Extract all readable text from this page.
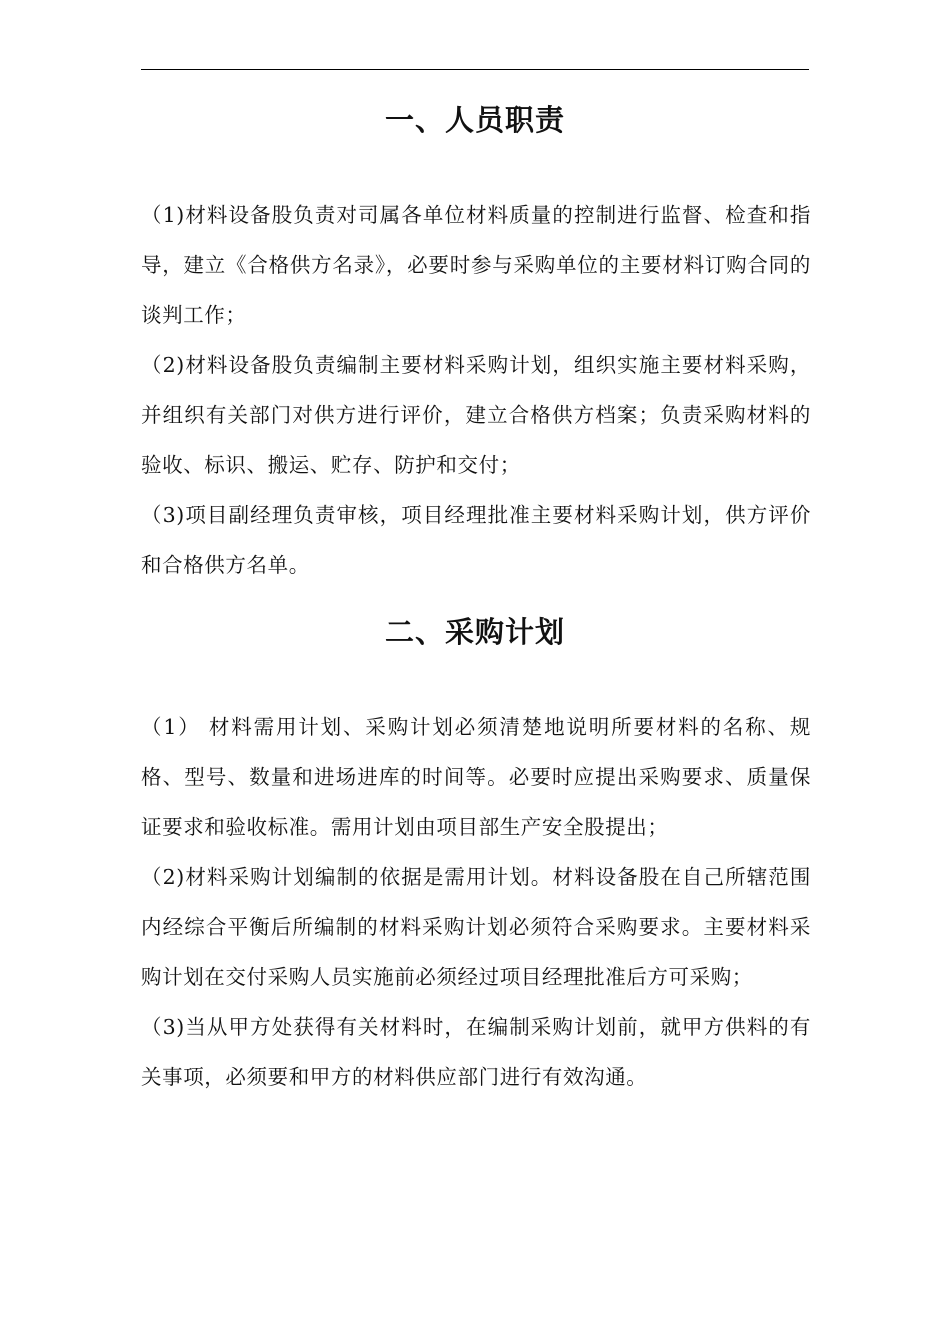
一、人员职责

（1)材料设备股负责对司属各单位材料质量的控制进行监督、检查和指导，建立《合格供方名录》，必要时参与采购单位的主要材料订购合同的谈判工作；

（2)材料设备股负责编制主要材料采购计划，组织实施主要材料采购，并组织有关部门对供方进行评价，建立合格供方档案；负责采购材料的验收、标识、搬运、贮存、防护和交付；

（3)项目副经理负责审核，项目经理批准主要材料采购计划，供方评价和合格供方名单。

二、采购计划

（1） 材料需用计划、采购计划必须清楚地说明所要材料的名称、规格、型号、数量和进场进库的时间等。必要时应提出采购要求、质量保证要求和验收标准。需用计划由项目部生产安全股提出；

（2)材料采购计划编制的依据是需用计划。材料设备股在自己所辖范围内经综合平衡后所编制的材料采购计划必须符合采购要求。主要材料采购计划在交付采购人员实施前必须经过项目经理批准后方可采购；

（3)当从甲方处获得有关材料时，在编制采购计划前，就甲方供料的有关事项，必须要和甲方的材料供应部门进行有效沟通。
